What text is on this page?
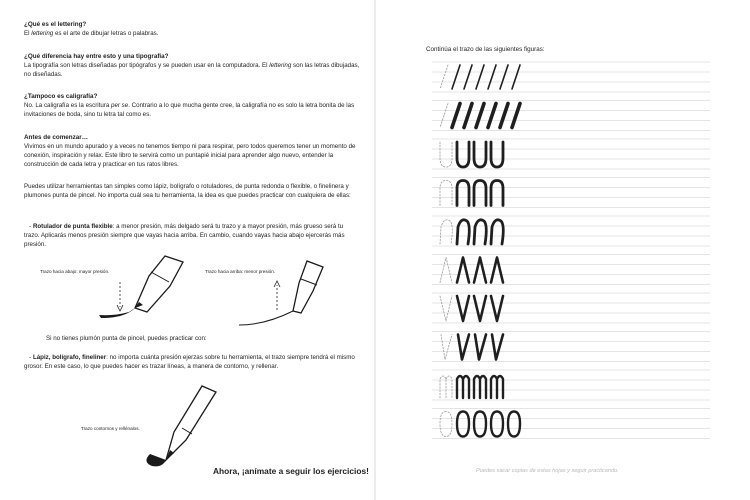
¿Qué es el lettering?
El lettering es el arte de dibujar letras o palabras.
¿Qué diferencia hay entre esto y una tipografía?
La tipografía son letras diseñadas por tipógrafos y se pueden usar en la computadora. El lettering son las letras dibujadas, no diseñadas.
¿Tampoco es caligrafía?
No. La caligrafía es la escritura per se. Contrario a lo que mucha gente cree, la caligrafía no es solo la letra bonita de las invitaciones de boda, sino tu letra tal como es.
Antes de comenzar…
Vivimos en un mundo apurado y a veces no tenemos tiempo ni para respirar, pero todos queremos tener un momento de conexión, inspiración y relax. Este libro te servirá como un puntapié inicial para aprender algo nuevo, entender la construcción de cada letra y practicar en tus ratos libres.
Puedes utilizar herramientas tan simples como lápiz, bolígrafo o rotuladores, de punta redonda o flexible, o finelinera y plumones punta de pincel. No importa cuál sea tu herramienta, la idea es que puedes practicar con cualquiera de ellas:
- Rotulador de punta flexible: a menor presión, más delgado será tu trazo y a mayor presión, más grueso será tu trazo. Aplicarás menos presión siempre que vayas hacia arriba. En cambio, cuando vayas hacia abajo ejercerás más presión.
Trazo hacia abajo: mayor presión.	Trazo hacia arriba: menor presión.
Si no tienes plumón punta de pincel, puedes practicar con:
- Lápiz, bolígrafo, fineliner: no importa cuánta presión ejerzas sobre tu herramienta, el trazo siempre tendrá el mismo grosor. En este caso, lo que puedes hacer es trazar líneas, a manera de contorno, y rellenar.
Trazo contornos y rellénalos.
Ahora, ¡anímate a seguir los ejercicios!
Continúa el trazo de las siguientes figuras:
Puedes sacar copias de estas hojas y seguir practicando.
